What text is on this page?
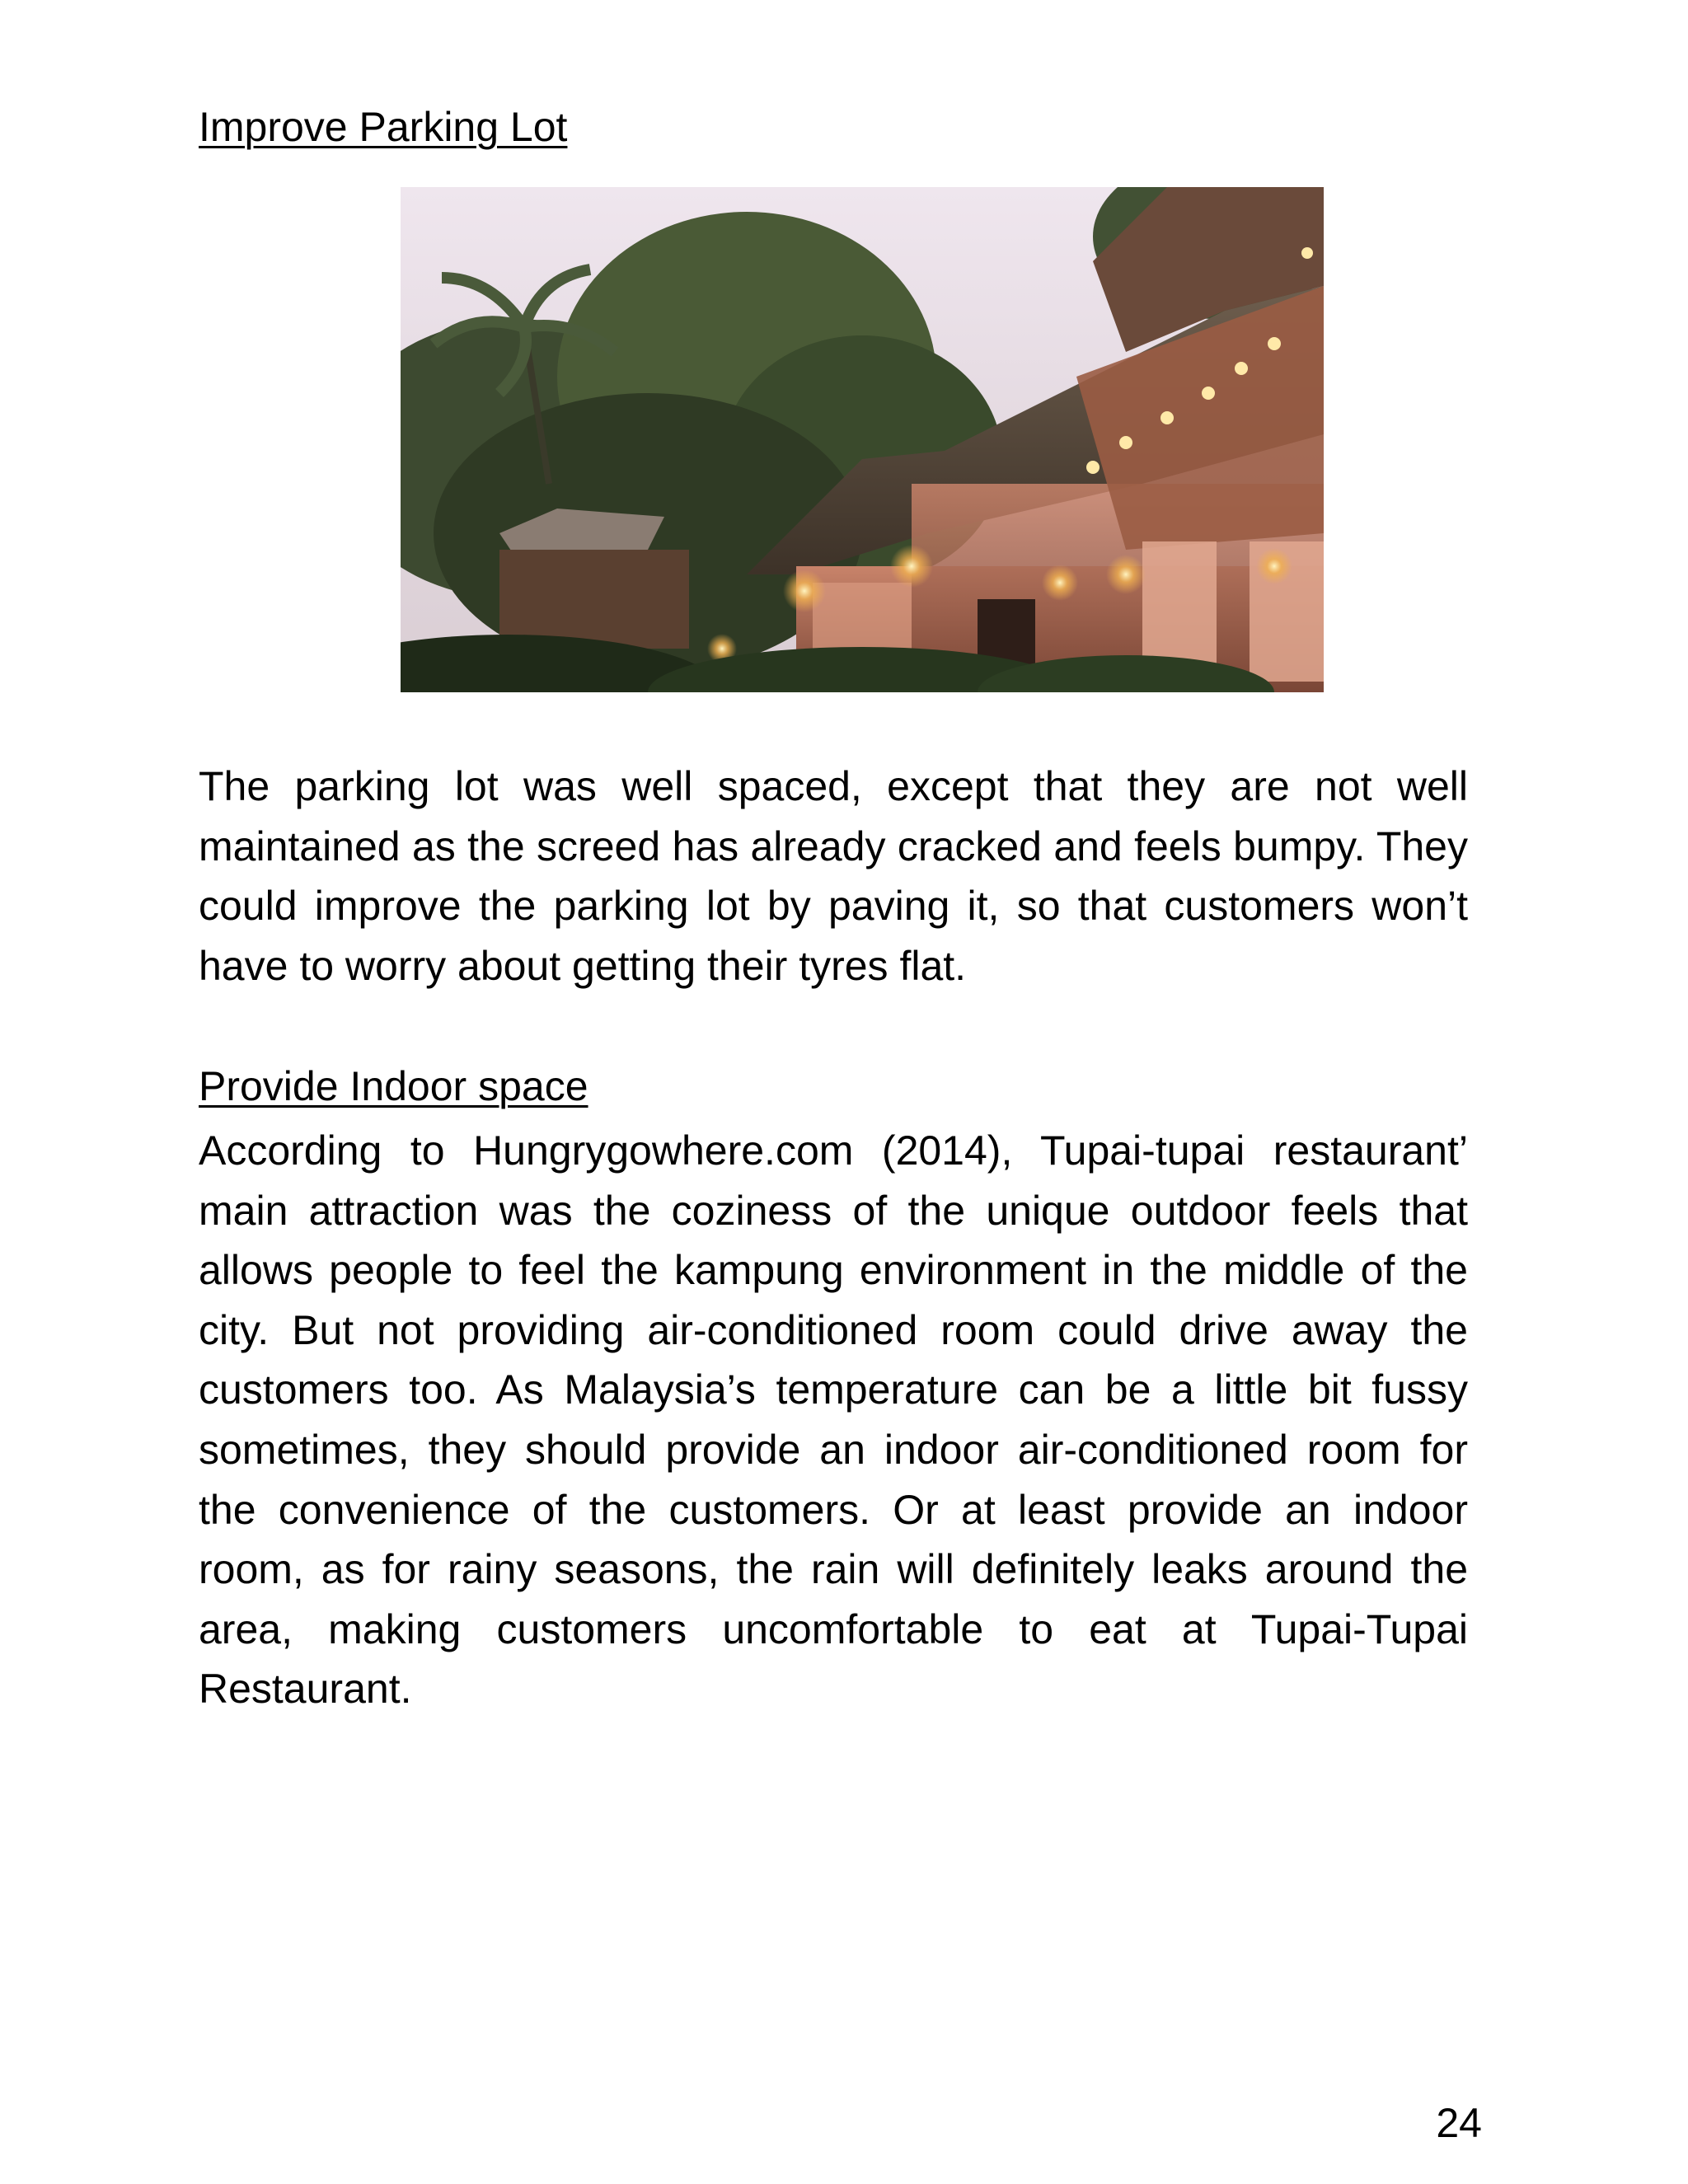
Improve Parking Lot

The parking lot was well spaced, except that they are not well maintained as the screed has already cracked and feels bumpy. They could improve the parking lot by paving it, so that customers won’t have to worry about getting their tyres flat.

Provide Indoor space

According to Hungrygowhere.com (2014), Tupai-tupai restaurant’ main attraction was the coziness of the unique outdoor feels that allows people to feel the kampung environment in the middle of the city. But not providing air-conditioned room could drive away the customers too. As Malaysia’s temperature can be a little bit fussy sometimes, they should provide an indoor air-conditioned room for the convenience of the customers. Or at least provide an indoor room, as for rainy seasons, the rain will definitely leaks around the area, making customers uncomfortable to eat at Tupai-Tupai Restaurant.

24
